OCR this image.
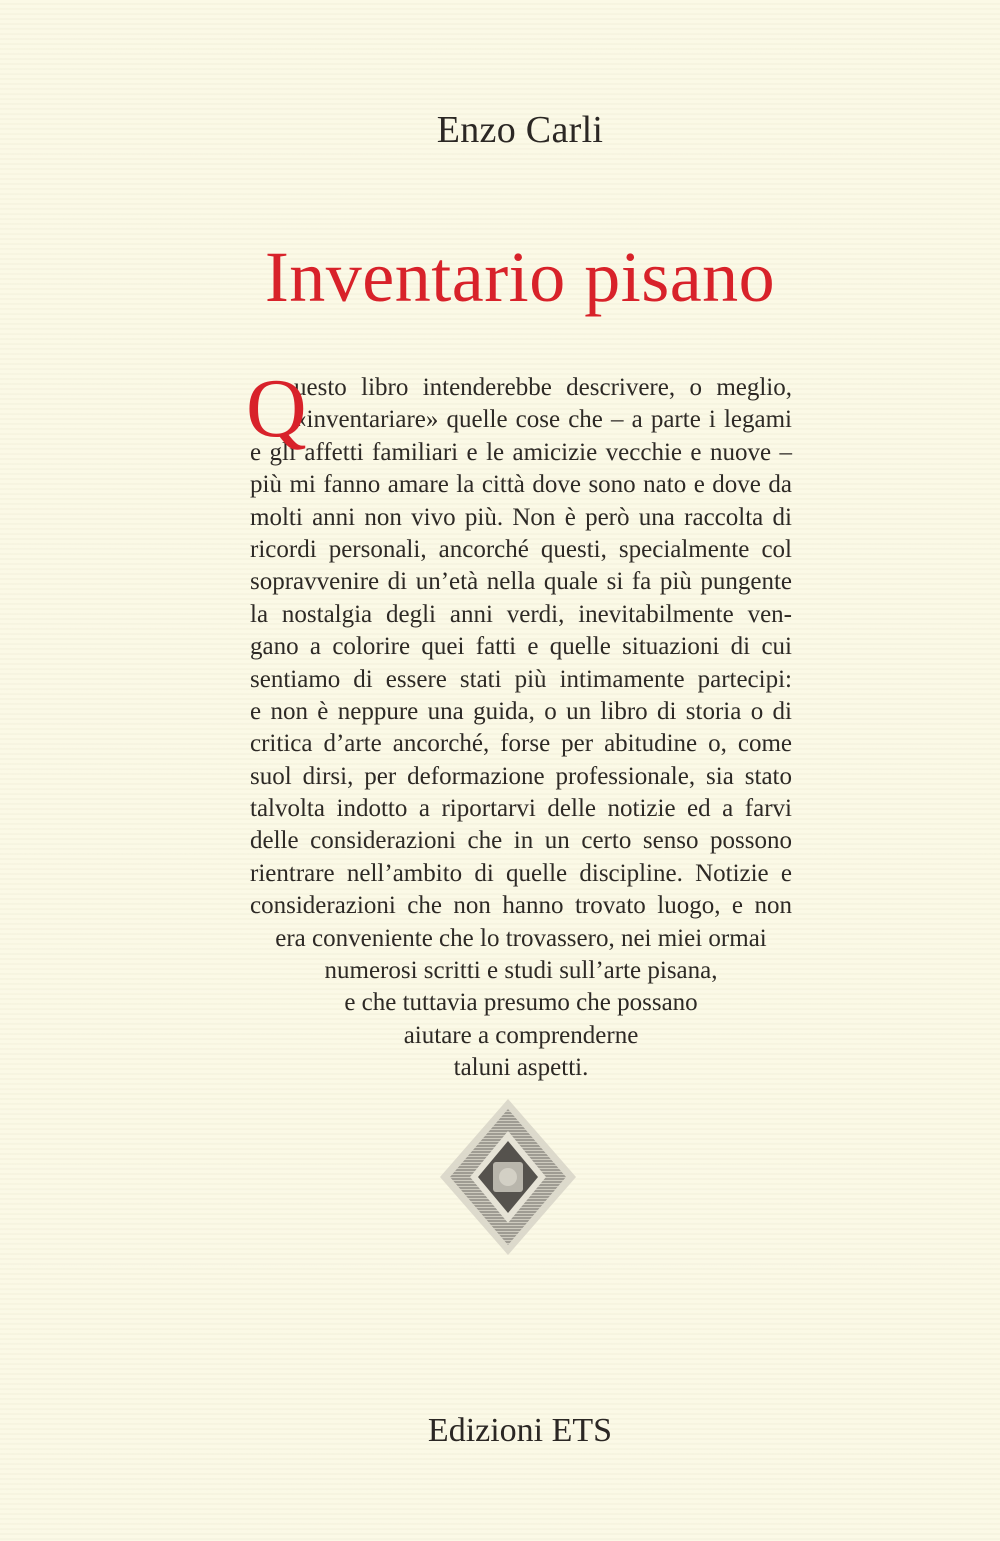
Enzo Carli
Inventario pisano
Q
uesto libro intenderebbe descrivere, o meglio,
«inventariare» quelle cose che – a parte i legami
e gli affetti familiari e le amicizie vecchie e nuove –
più mi fanno amare la città dove sono nato e dove da
molti anni non vivo più. Non è però una raccolta di
ricordi personali, ancorché questi, specialmente col
sopravvenire di un’età nella quale si fa più pungente
la nostalgia degli anni verdi, inevitabilmente ven-
gano a colorire quei fatti e quelle situazioni di cui
sentiamo di essere stati più intimamente partecipi:
e non è neppure una guida, o un libro di storia o di
critica d’arte ancorché, forse per abitudine o, come
suol dirsi, per deformazione professionale, sia stato
talvolta indotto a riportarvi delle notizie ed a farvi
delle considerazioni che in un certo senso possono
rientrare nell’ambito di quelle discipline. Notizie e
considerazioni che non hanno trovato luogo, e non
era conveniente che lo trovassero, nei miei ormai
numerosi scritti e studi sull’arte pisana,
e che tuttavia presumo che possano
aiutare a comprenderne
taluni aspetti.
Edizioni ETS
